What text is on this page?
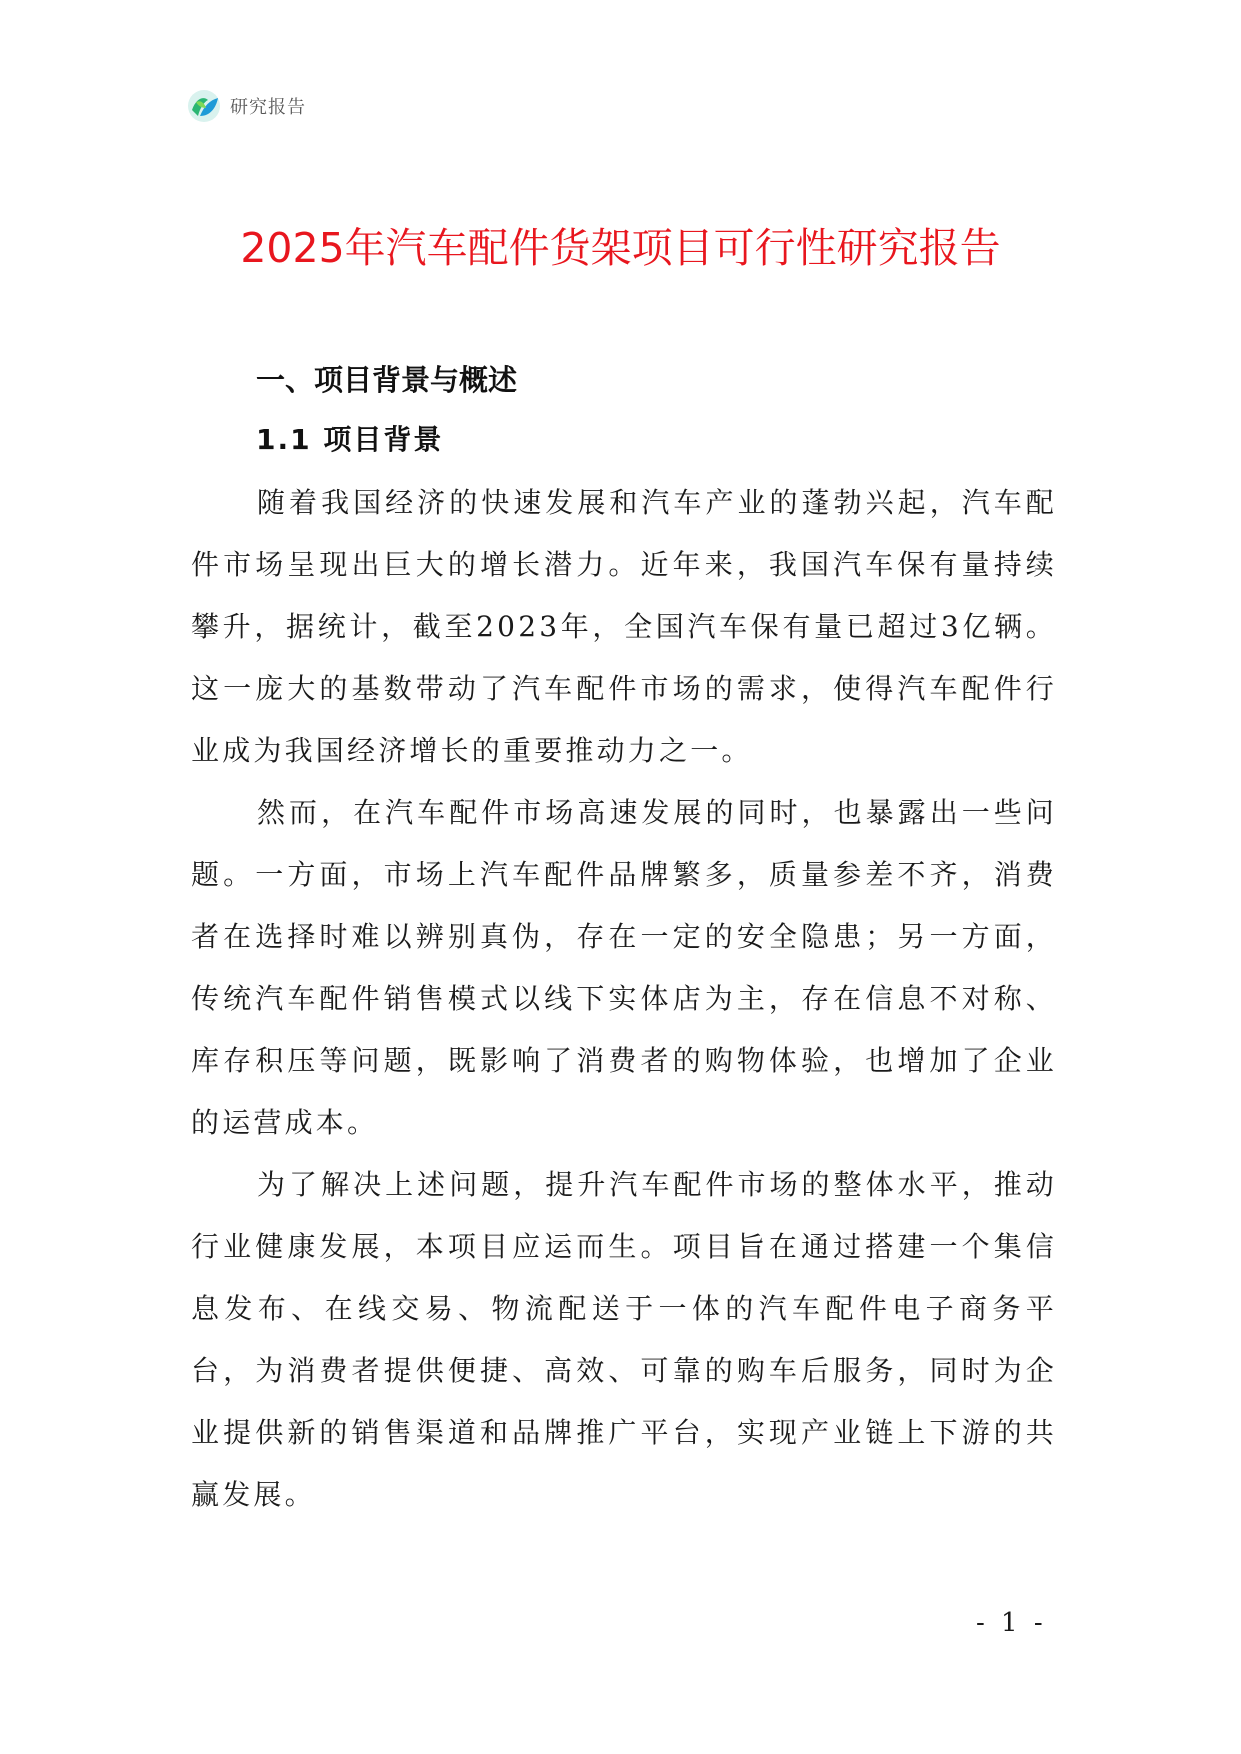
研究报告
2025年汽车配件货架项目可行性研究报告
一、项目背景与概述
1.1 项目背景

随着我国经济的快速发展和汽车产业的蓬勃兴起，汽车配件市场呈现出巨大的增长潜力。近年来，我国汽车保有量持续攀升，据统计，截至2023年，全国汽车保有量已超过3亿辆。这一庞大的基数带动了汽车配件市场的需求，使得汽车配件行业成为我国经济增长的重要推动力之一。

然而，在汽车配件市场高速发展的同时，也暴露出一些问题。一方面，市场上汽车配件品牌繁多，质量参差不齐，消费者在选择时难以辨别真伪，存在一定的安全隐患；另一方面，传统汽车配件销售模式以线下实体店为主，存在信息不对称、库存积压等问题，既影响了消费者的购物体验，也增加了企业的运营成本。

为了解决上述问题，提升汽车配件市场的整体水平，推动行业健康发展，本项目应运而生。项目旨在通过搭建一个集信息发布、在线交易、物流配送于一体的汽车配件电子商务平台，为消费者提供便捷、高效、可靠的购车后服务，同时为企业提供新的销售渠道和品牌推广平台，实现产业链上下游的共赢发展。

- 1 -
